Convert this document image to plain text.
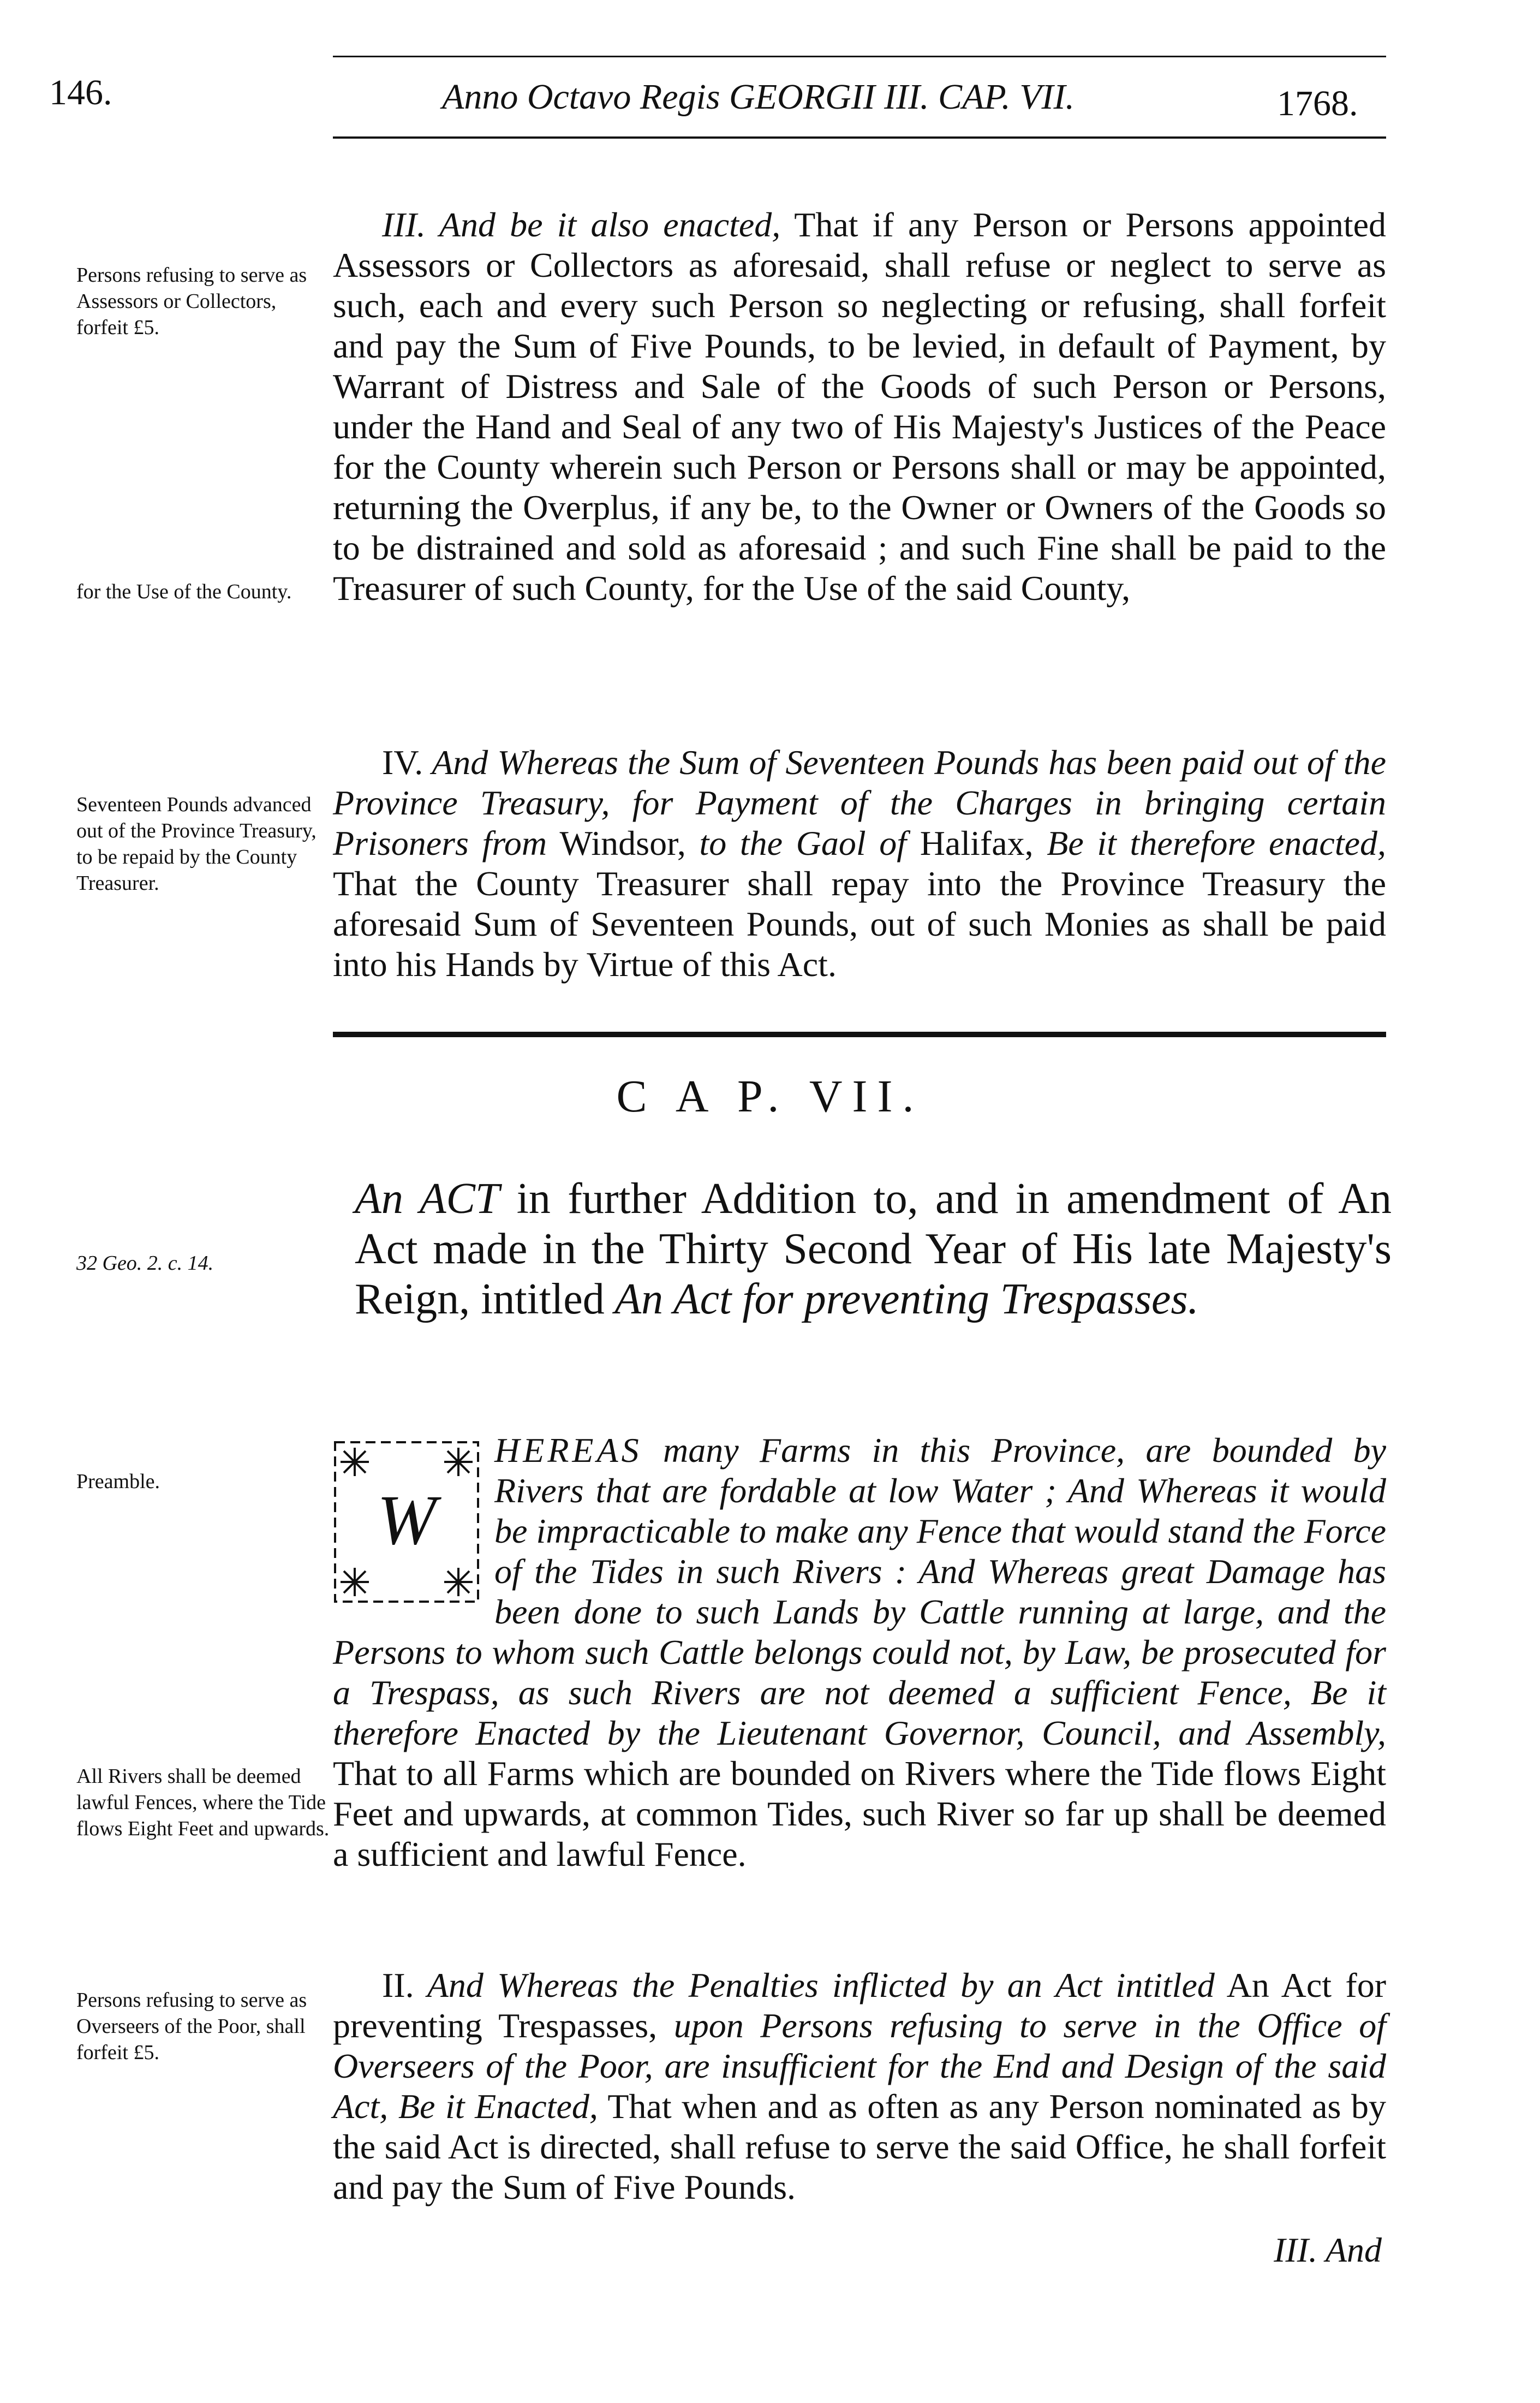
146.	Anno Octavo Regis GEORGII III. CAP. VII.	1768.
Persons refusing to serve as Assessors or Collectors, forfeit £5.
for the Use of the County.
Seventeen Pounds advanced out of the Province Treasury, to be repaid by the County Treasurer.
32 Geo. 2. c. 14.
Preamble.
All Rivers shall be deemed lawful Fences, where the Tide flows Eight Feet and upwards.
Persons refusing to serve as Overseers of the Poor, shall forfeit £5.

III. And be it also enacted, That if any Person or Persons appointed Assessors or Collectors as aforesaid, shall refuse or neglect to serve as such, each and every such Person so neglecting or refusing, shall forfeit and pay the Sum of Five Pounds, to be levied, in default of Payment, by Warrant of Distress and Sale of the Goods of such Person or Persons, under the Hand and Seal of any two of His Majesty's Justices of the Peace for the County wherein such Person or Persons shall or may be appointed, returning the Overplus, if any be, to the Owner or Owners of the Goods so to be distrained and sold as aforesaid ; and such Fine shall be paid to the Treasurer of such County, for the Use of the said County,

IV. And Whereas the Sum of Seventeen Pounds has been paid out of the Province Treasury, for Payment of the Charges in bringing certain Prisoners from Windsor, to the Gaol of Halifax, Be it therefore enacted, That the County Treasurer shall repay into the Province Treasury the aforesaid Sum of Seventeen Pounds, out of such Monies as shall be paid into his Hands by Virtue of this Act.

C A P. VII.
An ACT in further Addition to, and in amendment of An Act made in the Thirty Second Year of His late Majesty's Reign, intitled An Act for preventing Trespasses.
W

HEREAS many Farms in this Province, are bounded by Rivers that are fordable at low Water ; And Whereas it would be impracticable to make any Fence that would stand the Force of the Tides in such Rivers : And Whereas great Damage has been done to such Lands by Cattle running at large, and the Persons to whom such Cattle belongs could not, by Law, be prosecuted for a Trespass, as such Rivers are not deemed a sufficient Fence, Be it therefore Enacted by the Lieutenant Governor, Council, and Assembly, That to all Farms which are bounded on Rivers where the Tide flows Eight Feet and upwards, at common Tides, such River so far up shall be deemed a sufficient and lawful Fence.

II. And Whereas the Penalties inflicted by an Act intitled An Act for preventing Trespasses, upon Persons refusing to serve in the Office of Overseers of the Poor, are insufficient for the End and Design of the said Act, Be it Enacted, That when and as often as any Person nominated as by the said Act is directed, shall refuse to serve the said Office, he shall forfeit and pay the Sum of Five Pounds.

III. And
